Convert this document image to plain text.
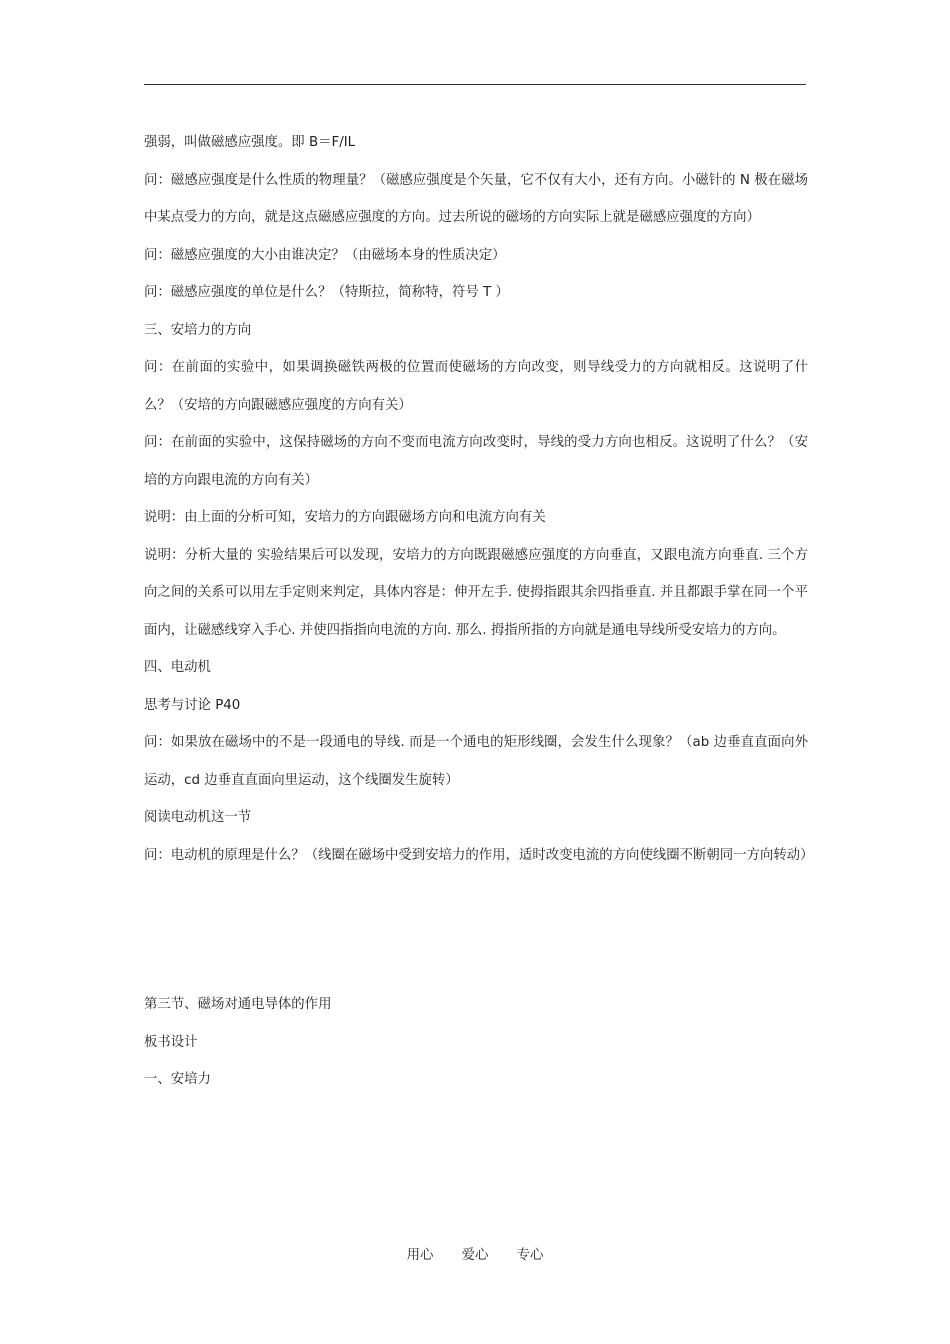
强弱，叫做磁感应强度。即 B＝F/IL

问：磁感应强度是什么性质的物理量？（磁感应强度是个矢量，它不仅有大小，还有方向。小磁针的 N 极在磁场中某点受力的方向，就是这点磁感应强度的方向。过去所说的磁场的方向实际上就是磁感应强度的方向）

问：磁感应强度的大小由谁决定？（由磁场本身的性质决定）

问：磁感应强度的单位是什么？（特斯拉，简称特，符号 T ）

三、安培力的方向

问：在前面的实验中，如果调换磁铁两极的位置而使磁场的方向改变，则导线受力的方向就相反。这说明了什么？（安培的方向跟磁感应强度的方向有关）

问：在前面的实验中，这保持磁场的方向不变而电流方向改变时，导线的受力方向也相反。这说明了什么？（安培的方向跟电流的方向有关）

说明：由上面的分析可知，安培力的方向跟磁场方向和电流方向有关

说明：分析大量的 实验结果后可以发现，安培力的方向既跟磁感应强度的方向垂直，又跟电流方向垂直. 三个方向之间的关系可以用左手定则来判定，具体内容是：伸开左手. 使拇指跟其余四指垂直. 并且都跟手掌在同一个平面内，让磁感线穿入手心. 并使四指指向电流的方向. 那么. 拇指所指的方向就是通电导线所受安培力的方向。

四、电动机

思考与讨论 P40

问：如果放在磁场中的不是一段通电的导线. 而是一个通电的矩形线圈，会发生什么现象？（ab 边垂直直面向外运动，cd 边垂直直面向里运动，这个线圈发生旋转）

阅读电动机这一节

问：电动机的原理是什么？（线圈在磁场中受到安培力的作用，适时改变电流的方向使线圈不断朝同一方向转动）

第三节、磁场对通电导体的作用

板书设计

一、安培力

用心 爱心 专心
